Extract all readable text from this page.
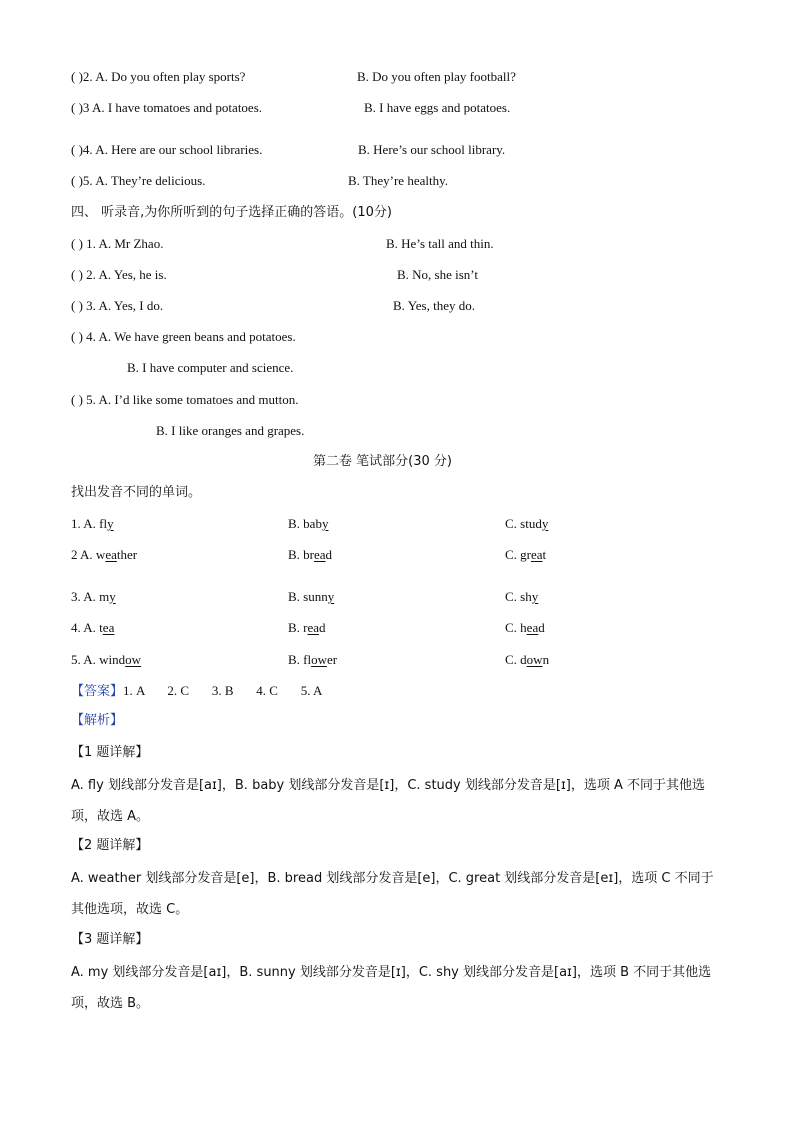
( )2. A. Do you often play sports?	B. Do you often play football?
( )3 A. I have tomatoes and potatoes.	B. I have eggs and potatoes.
( )4. A. Here are our school libraries.	B. Here’s our school library.
( )5. A. They’re delicious.	B. They’re healthy.
四、 听录音,为你所听到的句子选择正确的答语。(10分)
( ) 1. A. Mr Zhao.	B. He’s tall and thin.
( ) 2. A. Yes, he is.	B. No, she isn’t
( ) 3. A. Yes, I do.	B. Yes, they do.
( ) 4. A. We have green beans and potatoes.
B. I have computer and science.
( ) 5. A. I’d like some tomatoes and mutton.
B. I like oranges and grapes.
第二卷 笔试部分(30 分)
找出发音不同的单词。
1. A. fly	B. baby	C. study
2 A. weather	B. bread	C. great
3. A. my	B. sunny	C. shy
4. A. tea	B. read	C. head
5. A. window	B. flower	C. down
【答案】1. A       2. C       3. B       4. C       5. A
【解析】
【1 题详解】
A. fly 划线部分发音是[aɪ]，B. baby 划线部分发音是[ɪ]，C. study 划线部分发音是[ɪ]，选项 A 不同于其他选项，故选 A。
【2 题详解】
A. weather 划线部分发音是[e]，B. bread 划线部分发音是[e]，C. great 划线部分发音是[eɪ]，选项 C 不同于其他选项，故选 C。
【3 题详解】
A. my 划线部分发音是[aɪ]，B. sunny 划线部分发音是[ɪ]，C. shy 划线部分发音是[aɪ]，选项 B 不同于其他选项，故选 B。
